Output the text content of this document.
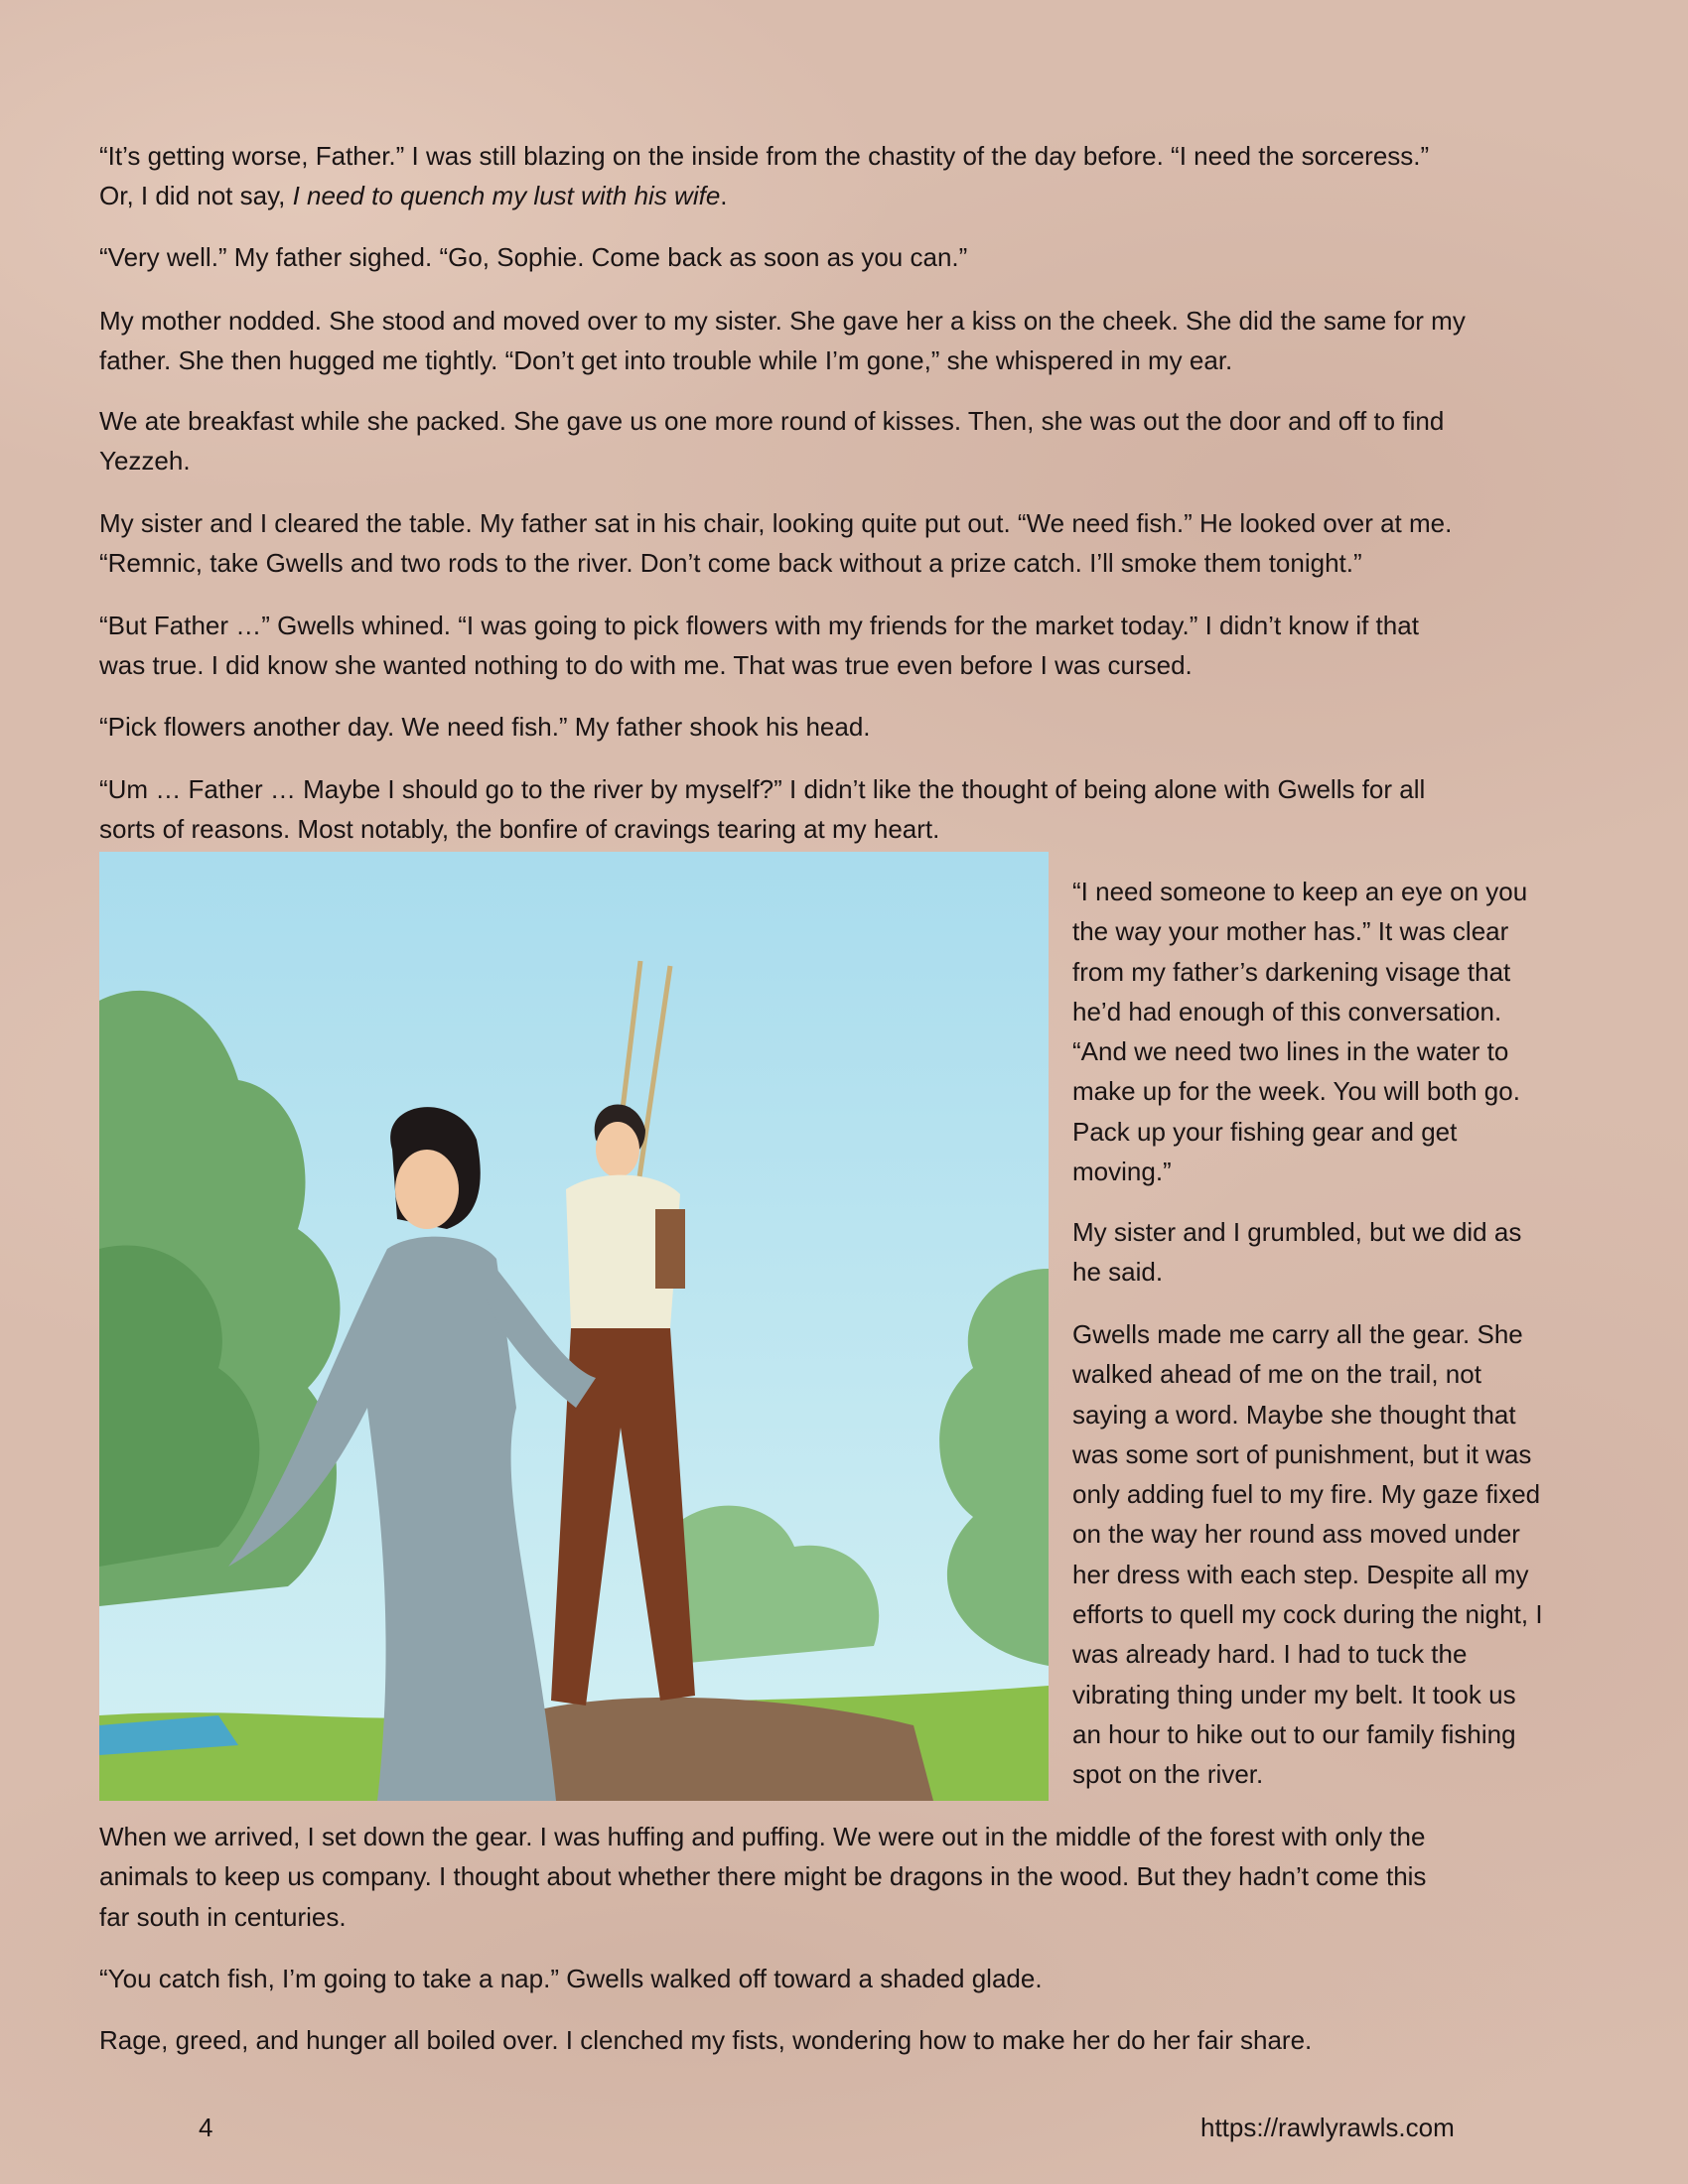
“It’s getting worse, Father.” I was still blazing on the inside from the chastity of the day before. “I need the sorceress.”
Or, I did not say, I need to quench my lust with his wife.
“Very well.” My father sighed. “Go, Sophie. Come back as soon as you can.”
My mother nodded. She stood and moved over to my sister. She gave her a kiss on the cheek. She did the same for my
father. She then hugged me tightly. “Don’t get into trouble while I’m gone,” she whispered in my ear.
We ate breakfast while she packed. She gave us one more round of kisses. Then, she was out the door and off to find
Yezzeh.
My sister and I cleared the table. My father sat in his chair, looking quite put out. “We need fish.” He looked over at me.
“Remnic, take Gwells and two rods to the river. Don’t come back without a prize catch. I’ll smoke them tonight.”
“But Father …” Gwells whined. “I was going to pick flowers with my friends for the market today.” I didn’t know if that
was true. I did know she wanted nothing to do with me. That was true even before I was cursed.
“Pick flowers another day. We need fish.” My father shook his head.
“Um … Father … Maybe I should go to the river by myself?” I didn’t like the thought of being alone with Gwells for all
sorts of reasons. Most notably, the bonfire of cravings tearing at my heart.
“I need someone to keep an eye on you
the way your mother has.” It was clear
from my father’s darkening visage that
he’d had enough of this conversation.
“And we need two lines in the water to
make up for the week. You will both go.
Pack up your fishing gear and get
moving.”
My sister and I grumbled, but we did as
he said.
Gwells made me carry all the gear. She
walked ahead of me on the trail, not
saying a word. Maybe she thought that
was some sort of punishment, but it was
only adding fuel to my fire. My gaze fixed
on the way her round ass moved under
her dress with each step. Despite all my
efforts to quell my cock during the night, I
was already hard. I had to tuck the
vibrating thing under my belt. It took us
an hour to hike out to our family fishing
spot on the river.
When we arrived, I set down the gear. I was huffing and puffing. We were out in the middle of the forest with only the
animals to keep us company. I thought about whether there might be dragons in the wood. But they hadn’t come this
far south in centuries.
“You catch fish, I’m going to take a nap.” Gwells walked off toward a shaded glade.
Rage, greed, and hunger all boiled over. I clenched my fists, wondering how to make her do her fair share.
4	https://rawlyrawls.com
